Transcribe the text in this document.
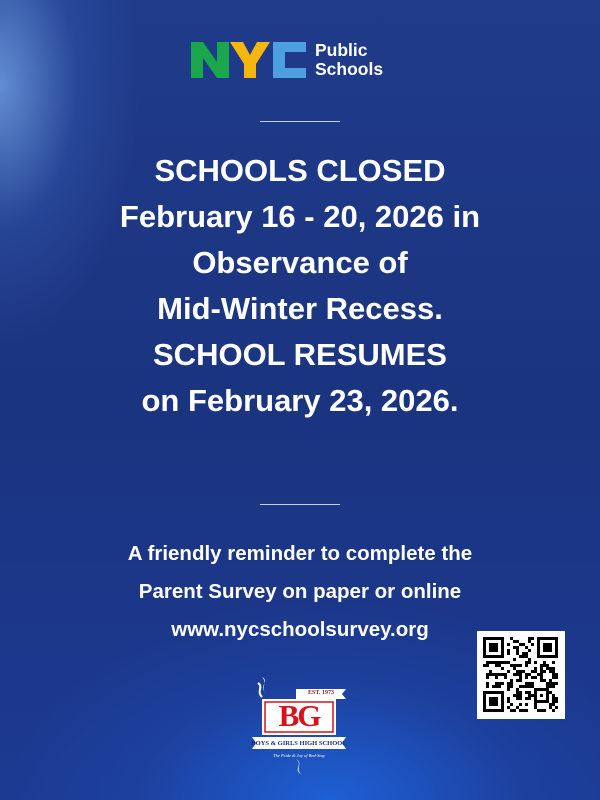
Public
Schools
SCHOOLS CLOSED
February 16 - 20, 2026 in
Observance of
Mid-Winter Recess.
SCHOOL RESUMES
on February 23, 2026.
A friendly reminder to complete the
Parent Survey on paper or online
www.nycschoolsurvey.org
EST. 1973
BG
BOYS & GIRLS HIGH SCHOOL
The Pride & Joy of Bed-Stuy
